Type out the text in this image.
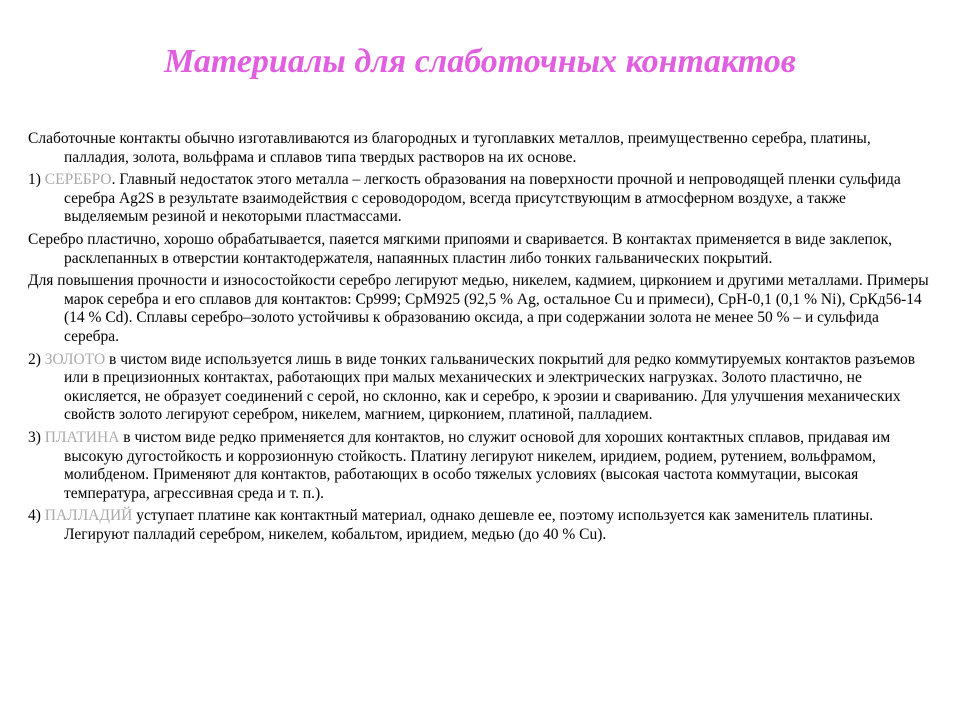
Материалы для слаботочных контактов

Слаботочные контакты обычно изготавливаются из благородных и тугоплавких металлов, преимущественно серебра, платины, палладия, золота, вольфрама и сплавов типа твердых растворов на их основе.

1) СЕРЕБРО. Главный недостаток этого металла – легкость образования на поверхности прочной и непроводящей пленки сульфида серебра Ag2S в результате взаимодействия с сероводородом, всегда присутствующим в атмосферном воздухе, а также выделяемым резиной и некоторыми пластмассами.

Серебро пластично, хорошо обрабатывается, паяется мягкими припоями и сваривается. В контактах применяется в виде заклепок, расклепанных в отверстии контактодержателя, напаянных пластин либо тонких гальванических покрытий.

Для повышения прочности и износостойкости серебро легируют медью, никелем, кадмием, цирконием и другими металлами. Примеры марок серебра и его сплавов для контактов: Ср999; СрМ925 (92,5 % Ag, остальное Cu и примеси), СрН-0,1 (0,1 % Ni), СрКд56-14 (14 % Cd). Сплавы серебро–золото устойчивы к образованию оксида, а при содержании золота не менее 50 % – и сульфида серебра.

2) ЗОЛОТО в чистом виде используется лишь в виде тонких гальванических покрытий для редко коммутируемых контактов разъемов или в прецизионных контактах, работающих при малых механических и электрических нагрузках. Золото пластично, не окисляется, не образует соединений с серой, но склонно, как и серебро, к эрозии и свариванию. Для улучшения механических свойств золото легируют серебром, никелем, магнием, цирконием, платиной, палладием.

3) ПЛАТИНА в чистом виде редко применяется для контактов, но служит основой для хороших контактных сплавов, придавая им высокую дугостойкость и коррозионную стойкость. Платину легируют никелем, иридием, родием, рутением, вольфрамом, молибденом. Применяют для контактов, работающих в особо тяжелых условиях (высокая частота коммутации, высокая температура, агрессивная среда и т. п.).

4) ПАЛЛАДИЙ уступает платине как контактный материал, однако дешевле ее, поэтому используется как заменитель платины. Легируют палладий серебром, никелем, кобальтом, иридием, медью (до 40 % Cu).
